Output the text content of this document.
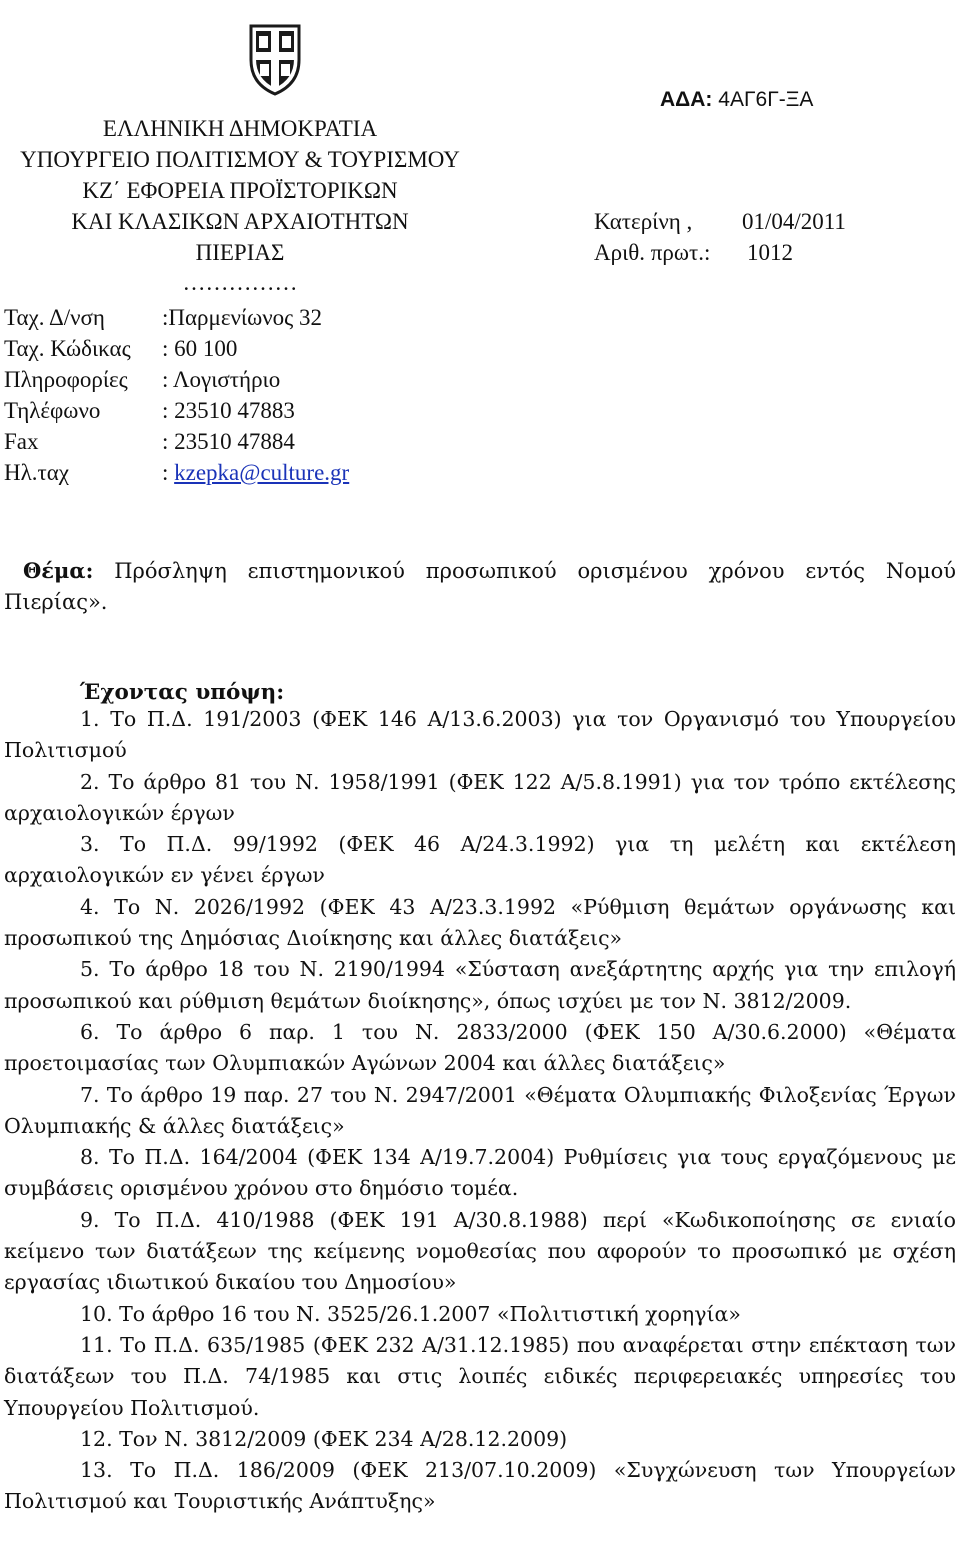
ΑΔΑ: 4ΑΓ6Γ-ΞΑ
ΕΛΛΗΝΙΚΗ ΔΗΜΟΚΡΑΤΙΑ
ΥΠΟΥΡΓΕΙΟ ΠΟΛΙΤΙΣΜΟΥ & ΤΟΥΡΙΣΜΟΥ
ΚΖ΄ ΕΦΟΡΕΙΑ ΠΡΟΪΣΤΟΡΙΚΩΝ
ΚΑΙ ΚΛΑΣΙΚΩΝ ΑΡΧΑΙΟΤΗΤΩΝ
ΠΙΕΡΙΑΣ
……………
Κατερίνη , 01/04/2011
Αριθ. πρωτ.: 1012
Ταχ. Δ/νση :Παρμενίωνος 32
Ταχ. Κώδικας : 60 100
Πληροφορίες : Λογιστήριο
Τηλέφωνο	: 23510 47883
Fax	: 23510 47884
Ηλ.ταχ	: kzepka@culture.gr
Θέμα: Πρόσληψη επιστημονικού προσωπικού ορισμένου χρόνου εντός Νομού Πιερίας».
Έχοντας υπόψη:

1. Το Π.Δ. 191/2003 (ΦΕΚ 146 Α/13.6.2003) για τον Οργανισμό του Υπουργείου Πολιτισμού

2. Το άρθρο 81 του Ν. 1958/1991 (ΦΕΚ 122 Α/5.8.1991) για τον τρόπο εκτέλεσης αρχαιολογικών έργων

3. Το Π.Δ. 99/1992 (ΦΕΚ 46 Α/24.3.1992) για τη μελέτη και εκτέλεση αρχαιολογικών εν γένει έργων

4. Το Ν. 2026/1992 (ΦΕΚ 43 Α/23.3.1992 «Ρύθμιση θεμάτων οργάνωσης και προσωπικού της Δημόσιας Διοίκησης και άλλες διατάξεις»

5. Το άρθρο 18 του Ν. 2190/1994 «Σύσταση ανεξάρτητης αρχής για την επιλογή προσωπικού και ρύθμιση θεμάτων διοίκησης», όπως ισχύει με τον Ν. 3812/2009.

6. Το άρθρο 6 παρ. 1 του Ν. 2833/2000 (ΦΕΚ 150 Α/30.6.2000) «Θέματα προετοιμασίας των Ολυμπιακών Αγώνων 2004 και άλλες διατάξεις»

7. Το άρθρο 19 παρ. 27 του Ν. 2947/2001 «Θέματα Ολυμπιακής Φιλοξενίας Έργων Ολυμπιακής & άλλες διατάξεις»

8. Το Π.Δ. 164/2004 (ΦΕΚ 134 Α/19.7.2004) Ρυθμίσεις για τους εργαζόμενους με συμβάσεις ορισμένου χρόνου στο δημόσιο τομέα.

9. Το Π.Δ. 410/1988 (ΦΕΚ 191 Α/30.8.1988) περί «Κωδικοποίησης σε ενιαίο κείμενο των διατάξεων της κείμενης νομοθεσίας που αφορούν το προσωπικό με σχέση εργασίας ιδιωτικού δικαίου του Δημοσίου»

10. Το άρθρο 16 του Ν. 3525/26.1.2007 «Πολιτιστική χορηγία»

11. Το Π.Δ. 635/1985 (ΦΕΚ 232 Α/31.12.1985) που αναφέρεται στην επέκταση των διατάξεων του Π.Δ. 74/1985 και στις λοιπές ειδικές περιφερειακές υπηρεσίες του Υπουργείου Πολιτισμού.

12. Τον Ν. 3812/2009 (ΦΕΚ 234 Α/28.12.2009)

13. Το Π.Δ. 186/2009 (ΦΕΚ 213/07.10.2009) «Συγχώνευση των Υπουργείων Πολιτισμού και Τουριστικής Ανάπτυξης»
